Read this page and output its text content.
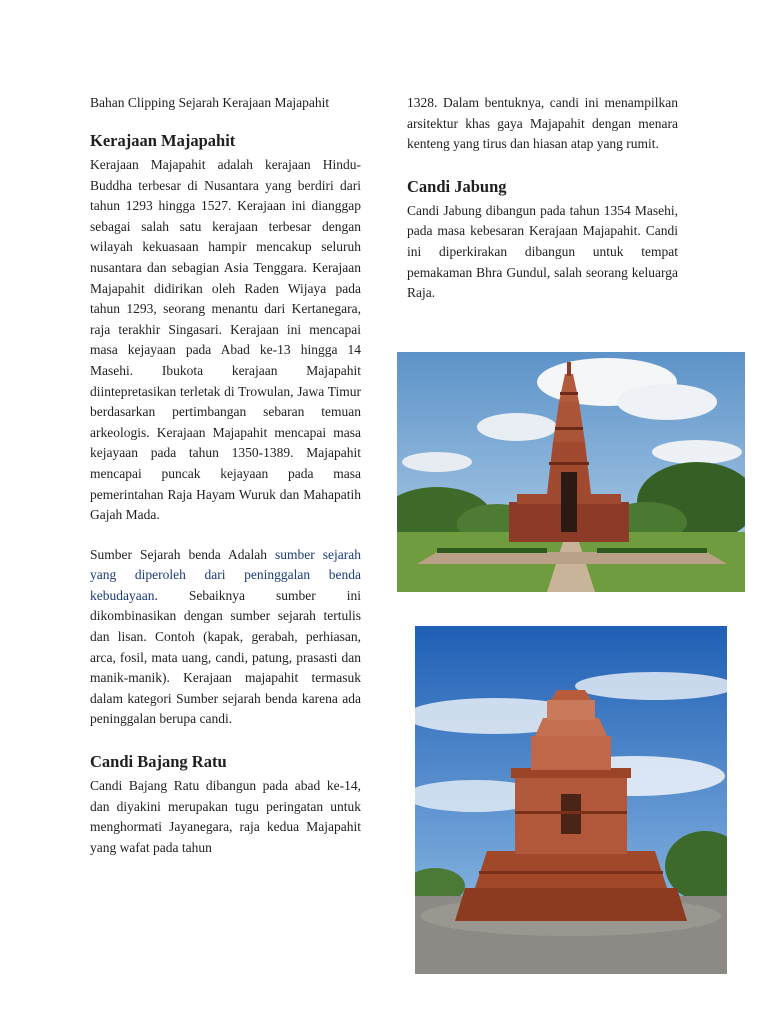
Bahan Clipping Sejarah Kerajaan Majapahit
Kerajaan Majapahit

Kerajaan Majapahit adalah kerajaan Hindu-Buddha terbesar di Nusantara yang berdiri dari tahun 1293 hingga 1527. Kerajaan ini dianggap sebagai salah satu kerajaan terbesar dengan wilayah kekuasaan hampir mencakup seluruh nusantara dan sebagian Asia Tenggara. Kerajaan Majapahit didirikan oleh Raden Wijaya pada tahun 1293, seorang menantu dari Kertanegara, raja terakhir Singasari. Kerajaan ini mencapai masa kejayaan pada Abad ke-13 hingga 14 Masehi. Ibukota kerajaan Majapahit diintepretasikan terletak di Trowulan, Jawa Timur berdasarkan pertimbangan sebaran temuan arkeologis. Kerajaan Majapahit mencapai masa kejayaan pada tahun 1350-1389. Majapahit mencapai puncak kejayaan pada masa pemerintahan Raja Hayam Wuruk dan Mahapatih Gajah Mada.

Sumber Sejarah benda Adalah sumber sejarah yang diperoleh dari peninggalan benda kebudayaan. Sebaiknya sumber ini dikombinasikan dengan sumber sejarah tertulis dan lisan. Contoh (kapak, gerabah, perhiasan, arca, fosil, mata uang, candi, patung, prasasti dan manik-manik). Kerajaan majapahit termasuk dalam kategori Sumber sejarah benda karena ada peninggalan berupa candi.

Candi Bajang Ratu

Candi Bajang Ratu dibangun pada abad ke-14, dan diyakini merupakan tugu peringatan untuk menghormati Jayanegara, raja kedua Majapahit yang wafat pada tahun

1328. Dalam bentuknya, candi ini menampilkan arsitektur khas gaya Majapahit dengan menara kenteng yang tirus dan hiasan atap yang rumit.

Candi Jabung

Candi Jabung dibangun pada tahun 1354 Masehi, pada masa kebesaran Kerajaan Majapahit. Candi ini diperkirakan dibangun untuk tempat pemakaman Bhra Gundul, salah seorang keluarga Raja.
